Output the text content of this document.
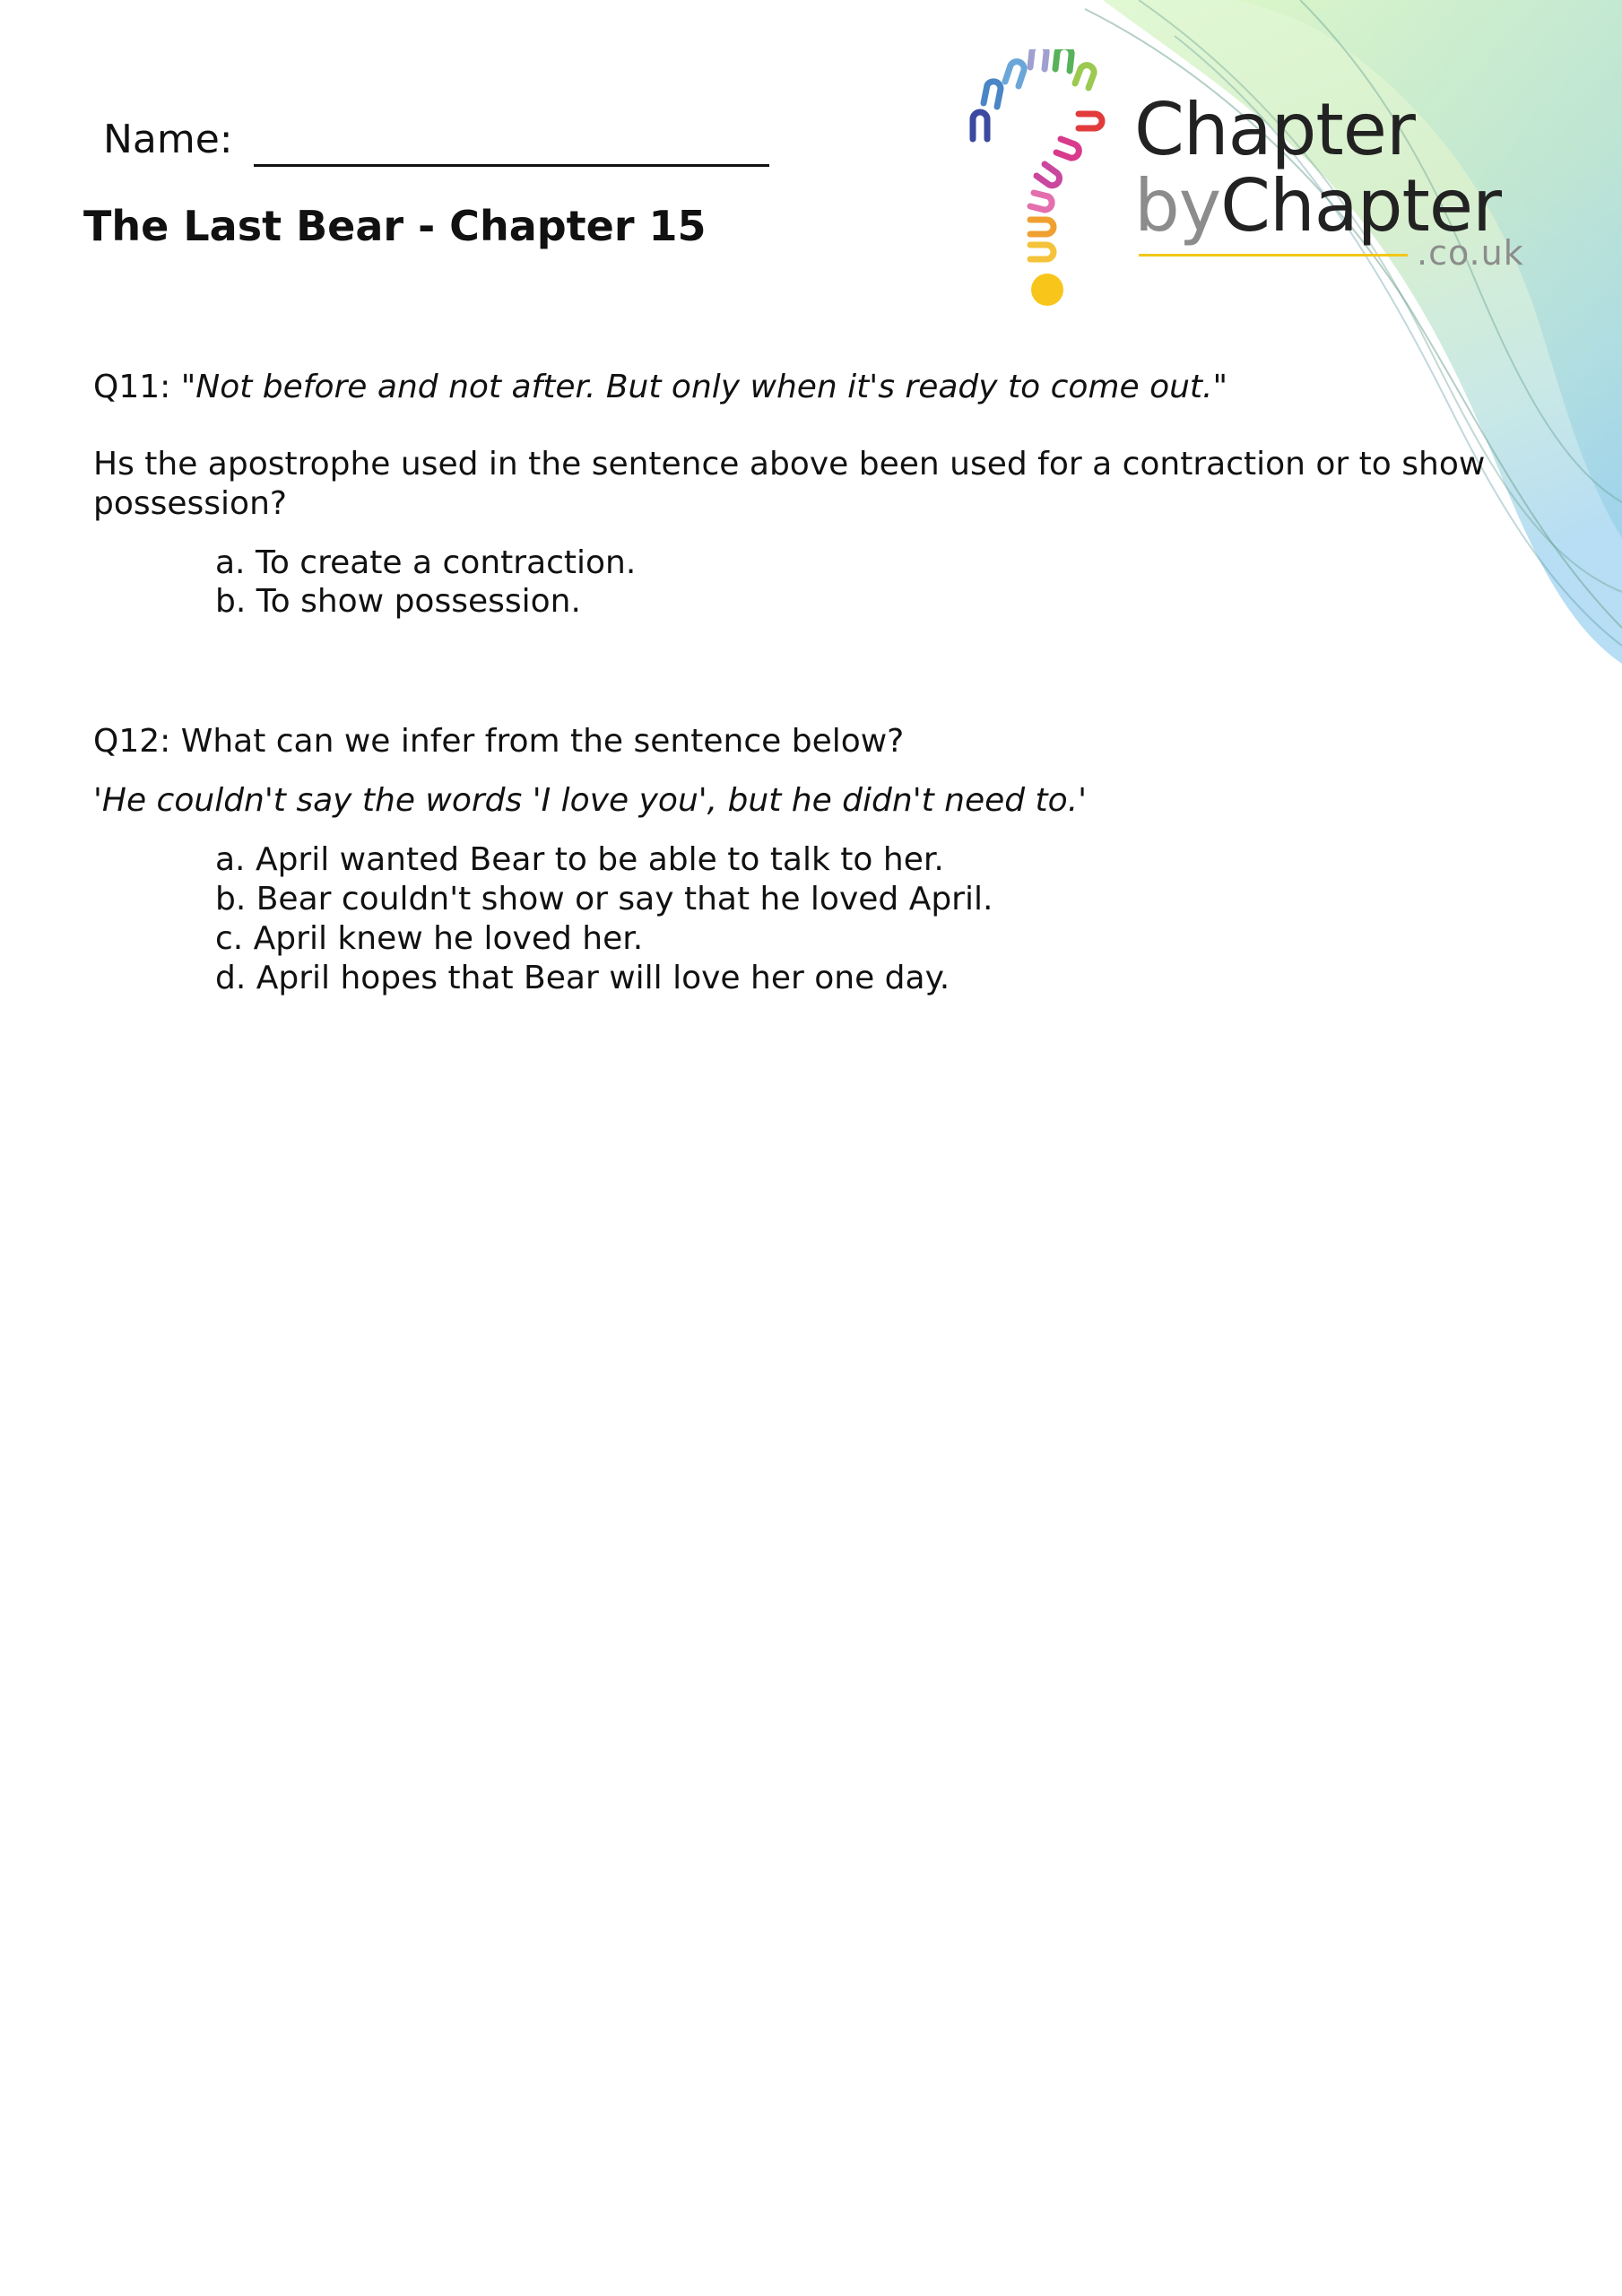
Chapter
byChapter
.co.uk
Name:
The Last Bear - Chapter 15
Q11: "Not before and not after. But only when it's ready to come out."
Hs the apostrophe used in the sentence above been used for a contraction or to show possession?
a. To create a contraction.
b. To show possession.
Q12: What can we infer from the sentence below?
'He couldn't say the words 'I love you', but he didn't need to.'
a. April wanted Bear to be able to talk to her.
b. Bear couldn't show or say that he loved April.
c. April knew he loved her.
d. April hopes that Bear will love her one day.
